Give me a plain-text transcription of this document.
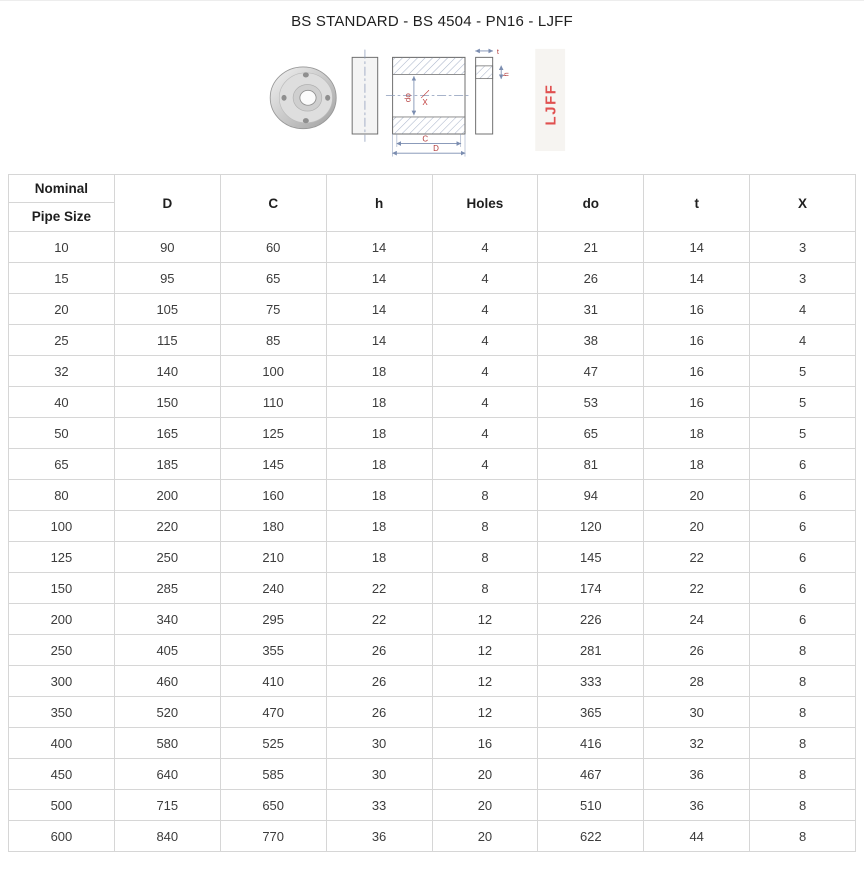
BS STANDARD - BS 4504 - PN16 - LJFF
do
X
h
t
C
D
LJFF
Nominal
Pipe Size	D	C	h	Holes	do	t	X
10	90	60	14	4	21	14	3
15	95	65	14	4	26	14	3
20	105	75	14	4	31	16	4
25	115	85	14	4	38	16	4
32	140	100	18	4	47	16	5
40	150	110	18	4	53	16	5
50	165	125	18	4	65	18	5
65	185	145	18	4	81	18	6
80	200	160	18	8	94	20	6
100	220	180	18	8	120	20	6
125	250	210	18	8	145	22	6
150	285	240	22	8	174	22	6
200	340	295	22	12	226	24	6
250	405	355	26	12	281	26	8
300	460	410	26	12	333	28	8
350	520	470	26	12	365	30	8
400	580	525	30	16	416	32	8
450	640	585	30	20	467	36	8
500	715	650	33	20	510	36	8
600	840	770	36	20	622	44	8
